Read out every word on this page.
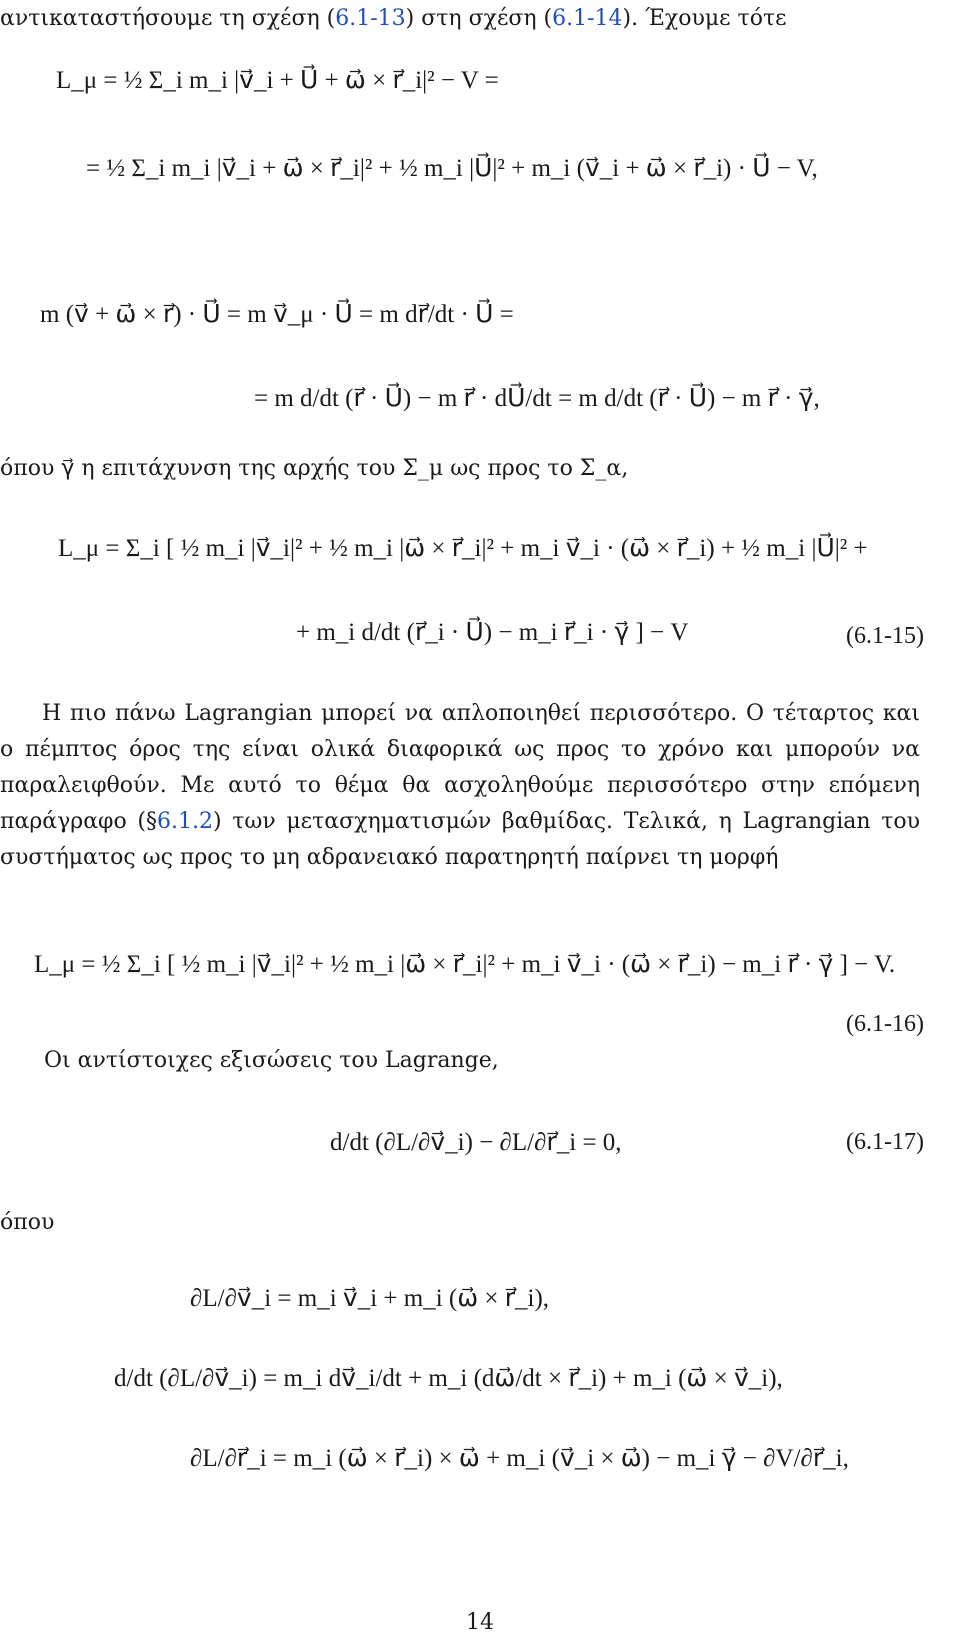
αντικαταστήσουμε τη σχέση (6.1-13) στη σχέση (6.1-14). Έχουμε τότε
L_μ = ½ Σ_i m_i |v⃗_i + U⃗ + ω⃗ × r⃗_i|² − V =
= ½ Σ_i m_i |v⃗_i + ω⃗ × r⃗_i|² + ½ m_i |U⃗|² + m_i (v⃗_i + ω⃗ × r⃗_i) · U⃗ − V,
m (v⃗ + ω⃗ × r⃗) · U⃗ = m v⃗_μ · U⃗ = m dr⃗/dt · U⃗ =
= m d/dt (r⃗ · U⃗) − m r⃗ · dU⃗/dt = m d/dt (r⃗ · U⃗) − m r⃗ · γ⃗,
όπου γ⃗ η επιτάχυνση της αρχής του Σ_μ ως προς το Σ_α,
L_μ = Σ_i [ ½ m_i |v⃗_i|² + ½ m_i |ω⃗ × r⃗_i|² + m_i v⃗_i · (ω⃗ × r⃗_i) + ½ m_i |U⃗|² +
+ m_i d/dt (r⃗_i · U⃗) − m_i r⃗_i · γ⃗ ] − V	(6.1-15)
Η πιο πάνω Lagrangian μπορεί να απλοποιηθεί περισσότερο. Ο τέταρτος και ο πέμπτος όρος της είναι ολικά διαφορικά ως προς το χρόνο και μπορούν να παραλειφθούν. Με αυτό το θέμα θα ασχοληθούμε περισσότερο στην επόμενη παράγραφο (§6.1.2) των μετασχηματισμών βαθμίδας. Τελικά, η Lagrangian του συστήματος ως προς το μη αδρανειακό παρατηρητή παίρνει τη μορφή
L_μ = ½ Σ_i [ ½ m_i |v⃗_i|² + ½ m_i |ω⃗ × r⃗_i|² + m_i v⃗_i · (ω⃗ × r⃗_i) − m_i r⃗ · γ⃗ ] − V.
(6.1-16)
Οι αντίστοιχες εξισώσεις του Lagrange,
d/dt (∂L/∂v⃗_i) − ∂L/∂r⃗_i = 0,	(6.1-17)
όπου
∂L/∂v⃗_i = m_i v⃗_i + m_i (ω⃗ × r⃗_i),
d/dt (∂L/∂v⃗_i) = m_i dv⃗_i/dt + m_i (dω⃗/dt × r⃗_i) + m_i (ω⃗ × v⃗_i),
∂L/∂r⃗_i = m_i (ω⃗ × r⃗_i) × ω⃗ + m_i (v⃗_i × ω⃗) − m_i γ⃗ − ∂V/∂r⃗_i,
14
